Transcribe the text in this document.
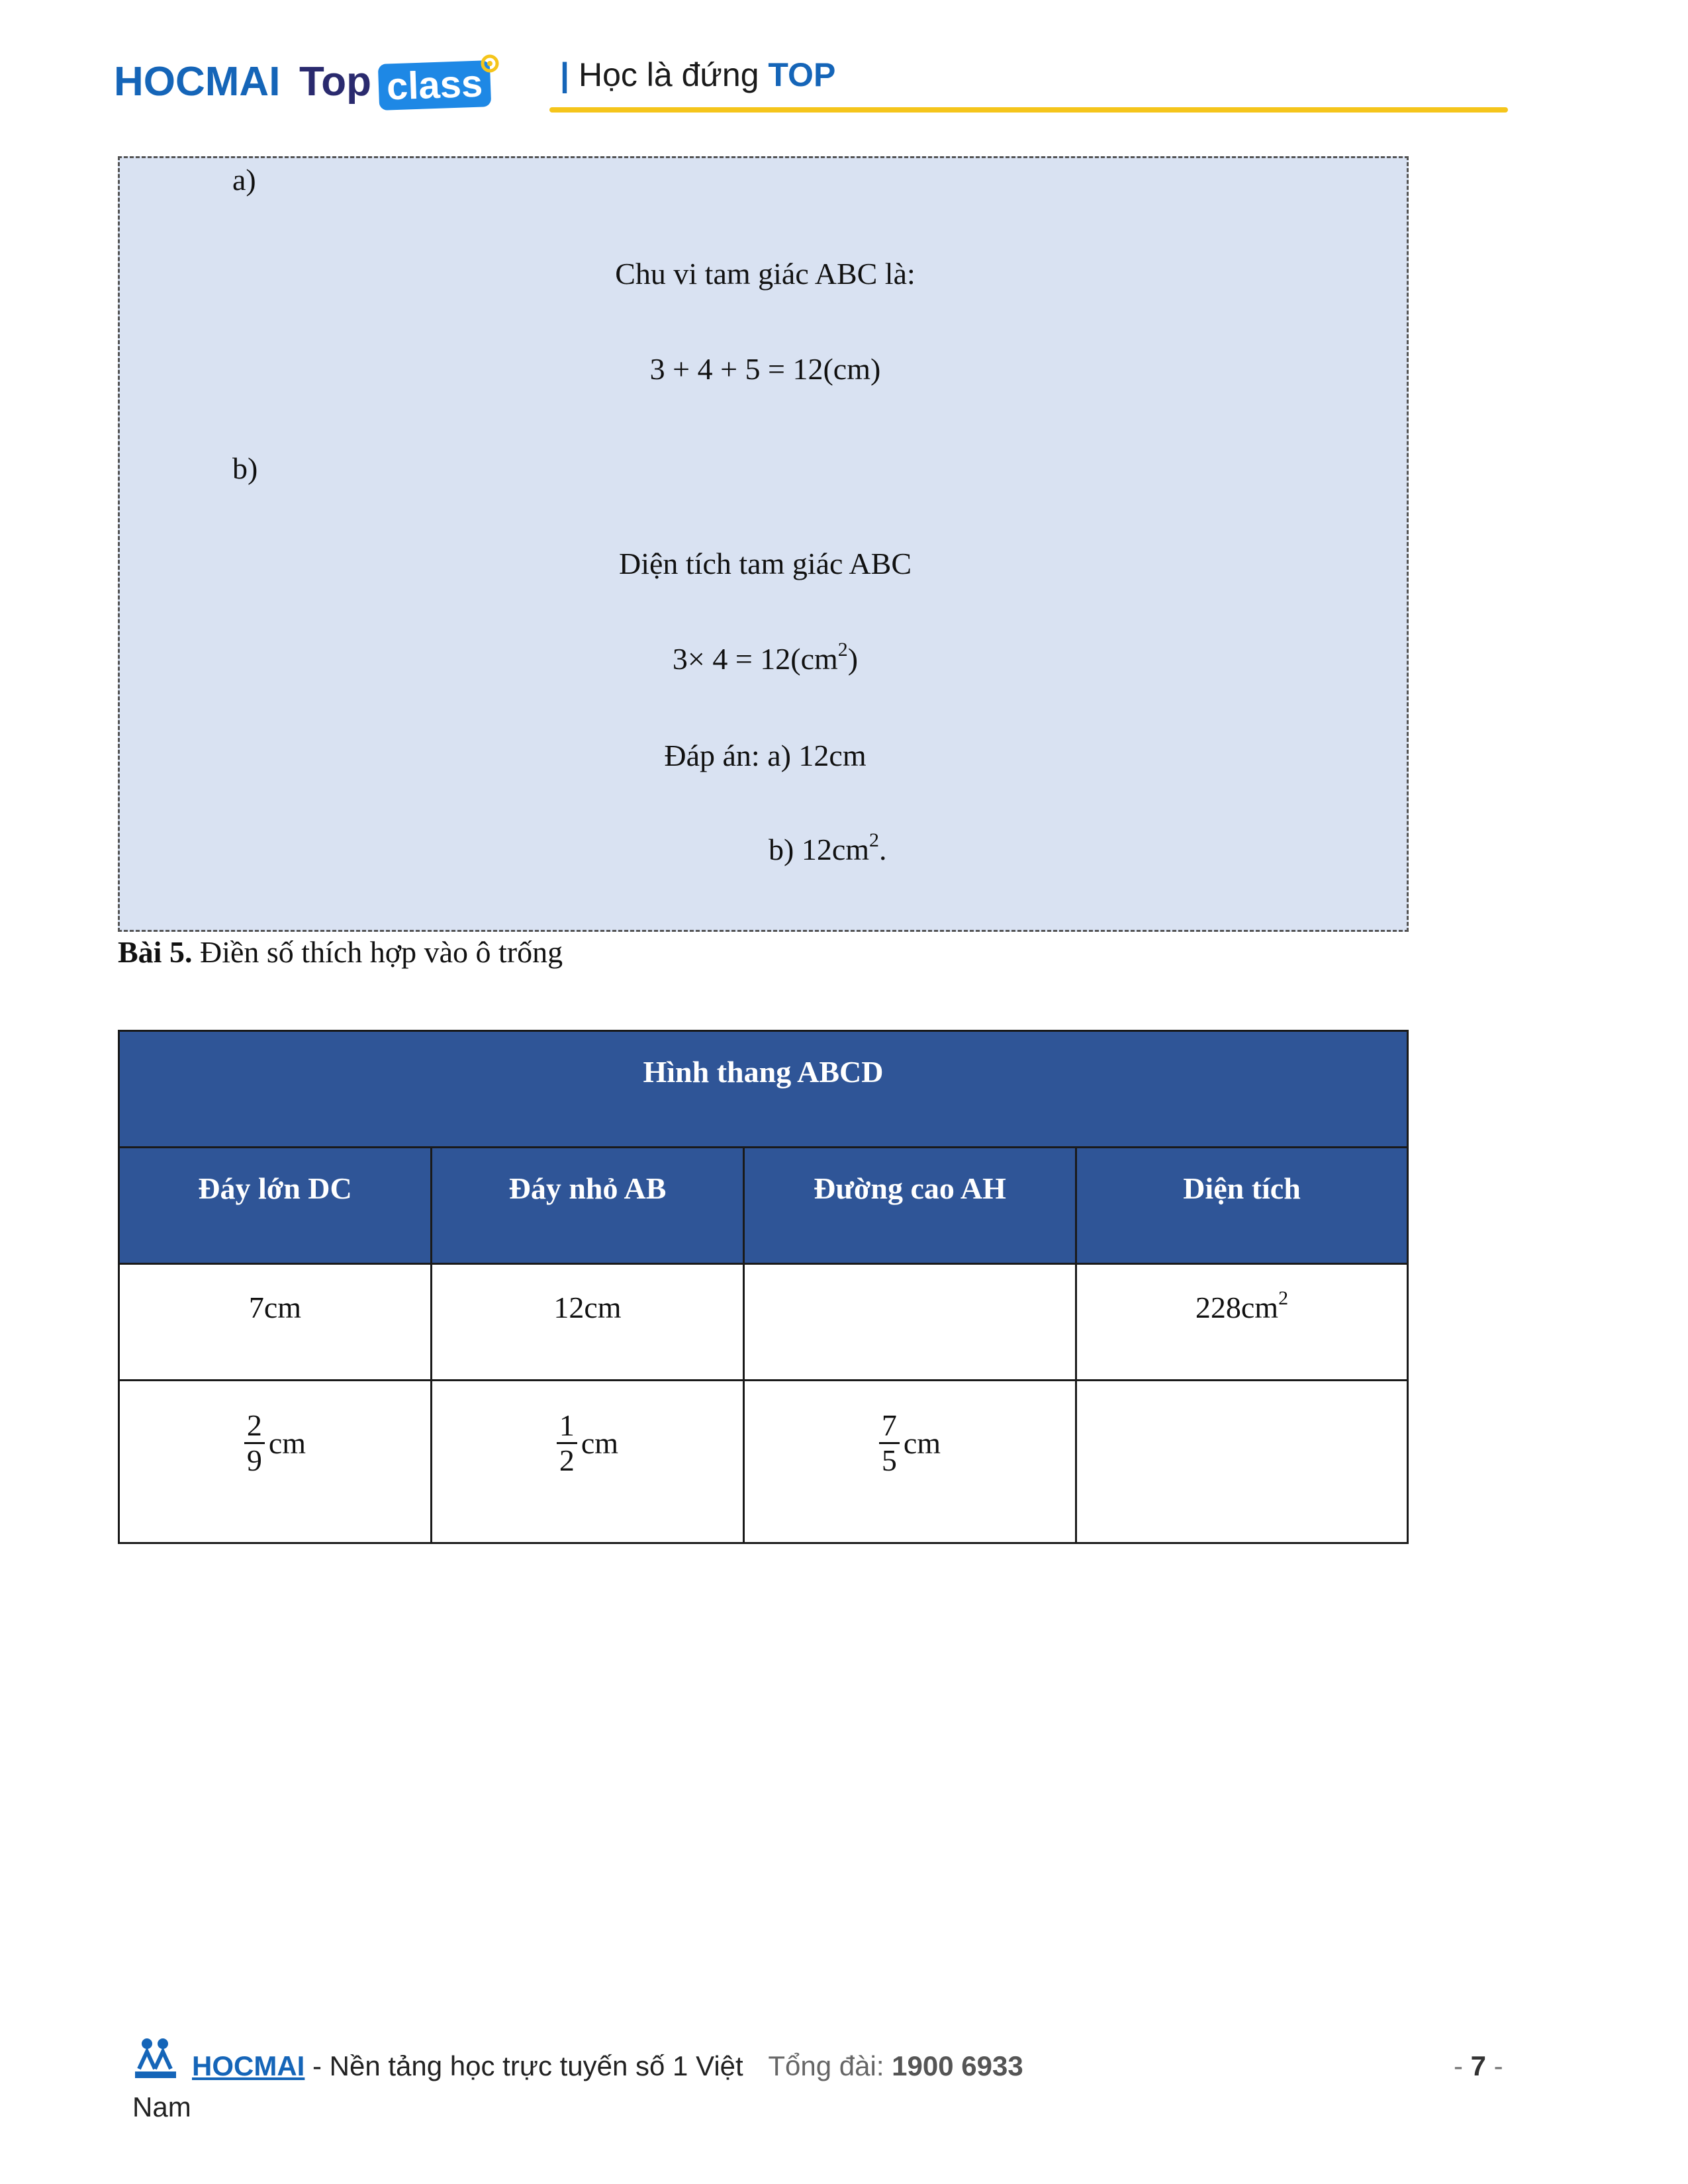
HOCMAI Top class | Học là đứng TOP
a)
Chu vi tam giác ABC là:
3 + 4 + 5 = 12(cm)
b)
Diện tích tam giác ABC
$3\times 4 = 12(cm^2)$
Đáp án: a) 12cm
b) $12cm^2$.
Bài 5. Điền số thích hợp vào ô trống
Hình thang ABCD			
Đáy lớn DC	Đáy nhỏ AB	Đường cao AH	Diện tích
7cm	12cm		$228cm^2$

$\frac{2}{9}$ cm	$\frac{1}{2}$ cm	$\frac{7}{5}$ cm	

HOCMAI - Nền tảng học trực tuyến số 1 Việt Tổng đài: 1900 6933
Nam
- 7 -
